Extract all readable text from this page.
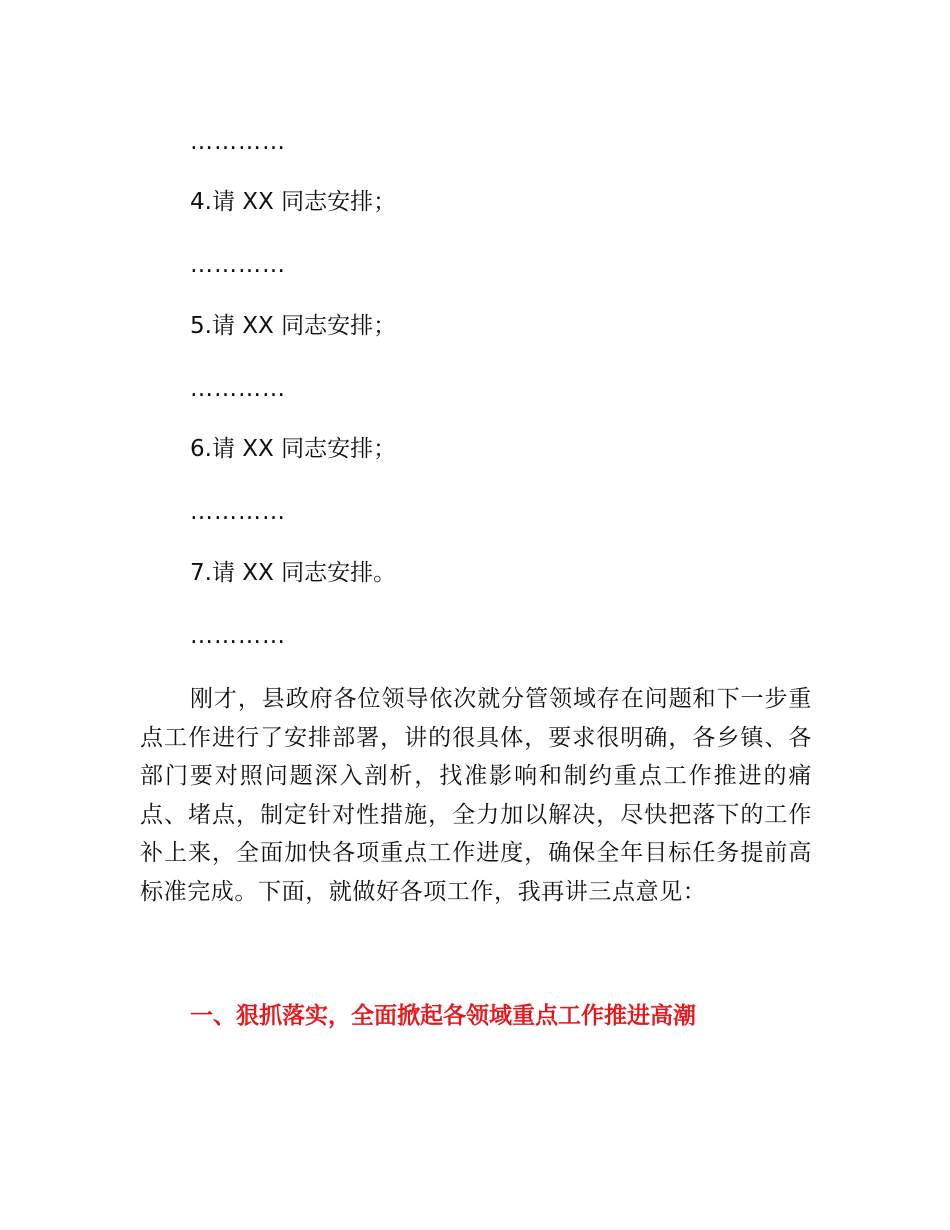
…………
4.请 XX 同志安排；
…………
5.请 XX 同志安排；
…………
6.请 XX 同志安排；
…………
7.请 XX 同志安排。
…………

刚才，县政府各位领导依次就分管领域存在问题和下一步重点工作进行了安排部署，讲的很具体，要求很明确，各乡镇、各部门要对照问题深入剖析，找准影响和制约重点工作推进的痛点、堵点，制定针对性措施，全力加以解决，尽快把落下的工作补上来，全面加快各项重点工作进度，确保全年目标任务提前高标准完成。下面，就做好各项工作，我再讲三点意见：

一、狠抓落实，全面掀起各领域重点工作推进高潮
